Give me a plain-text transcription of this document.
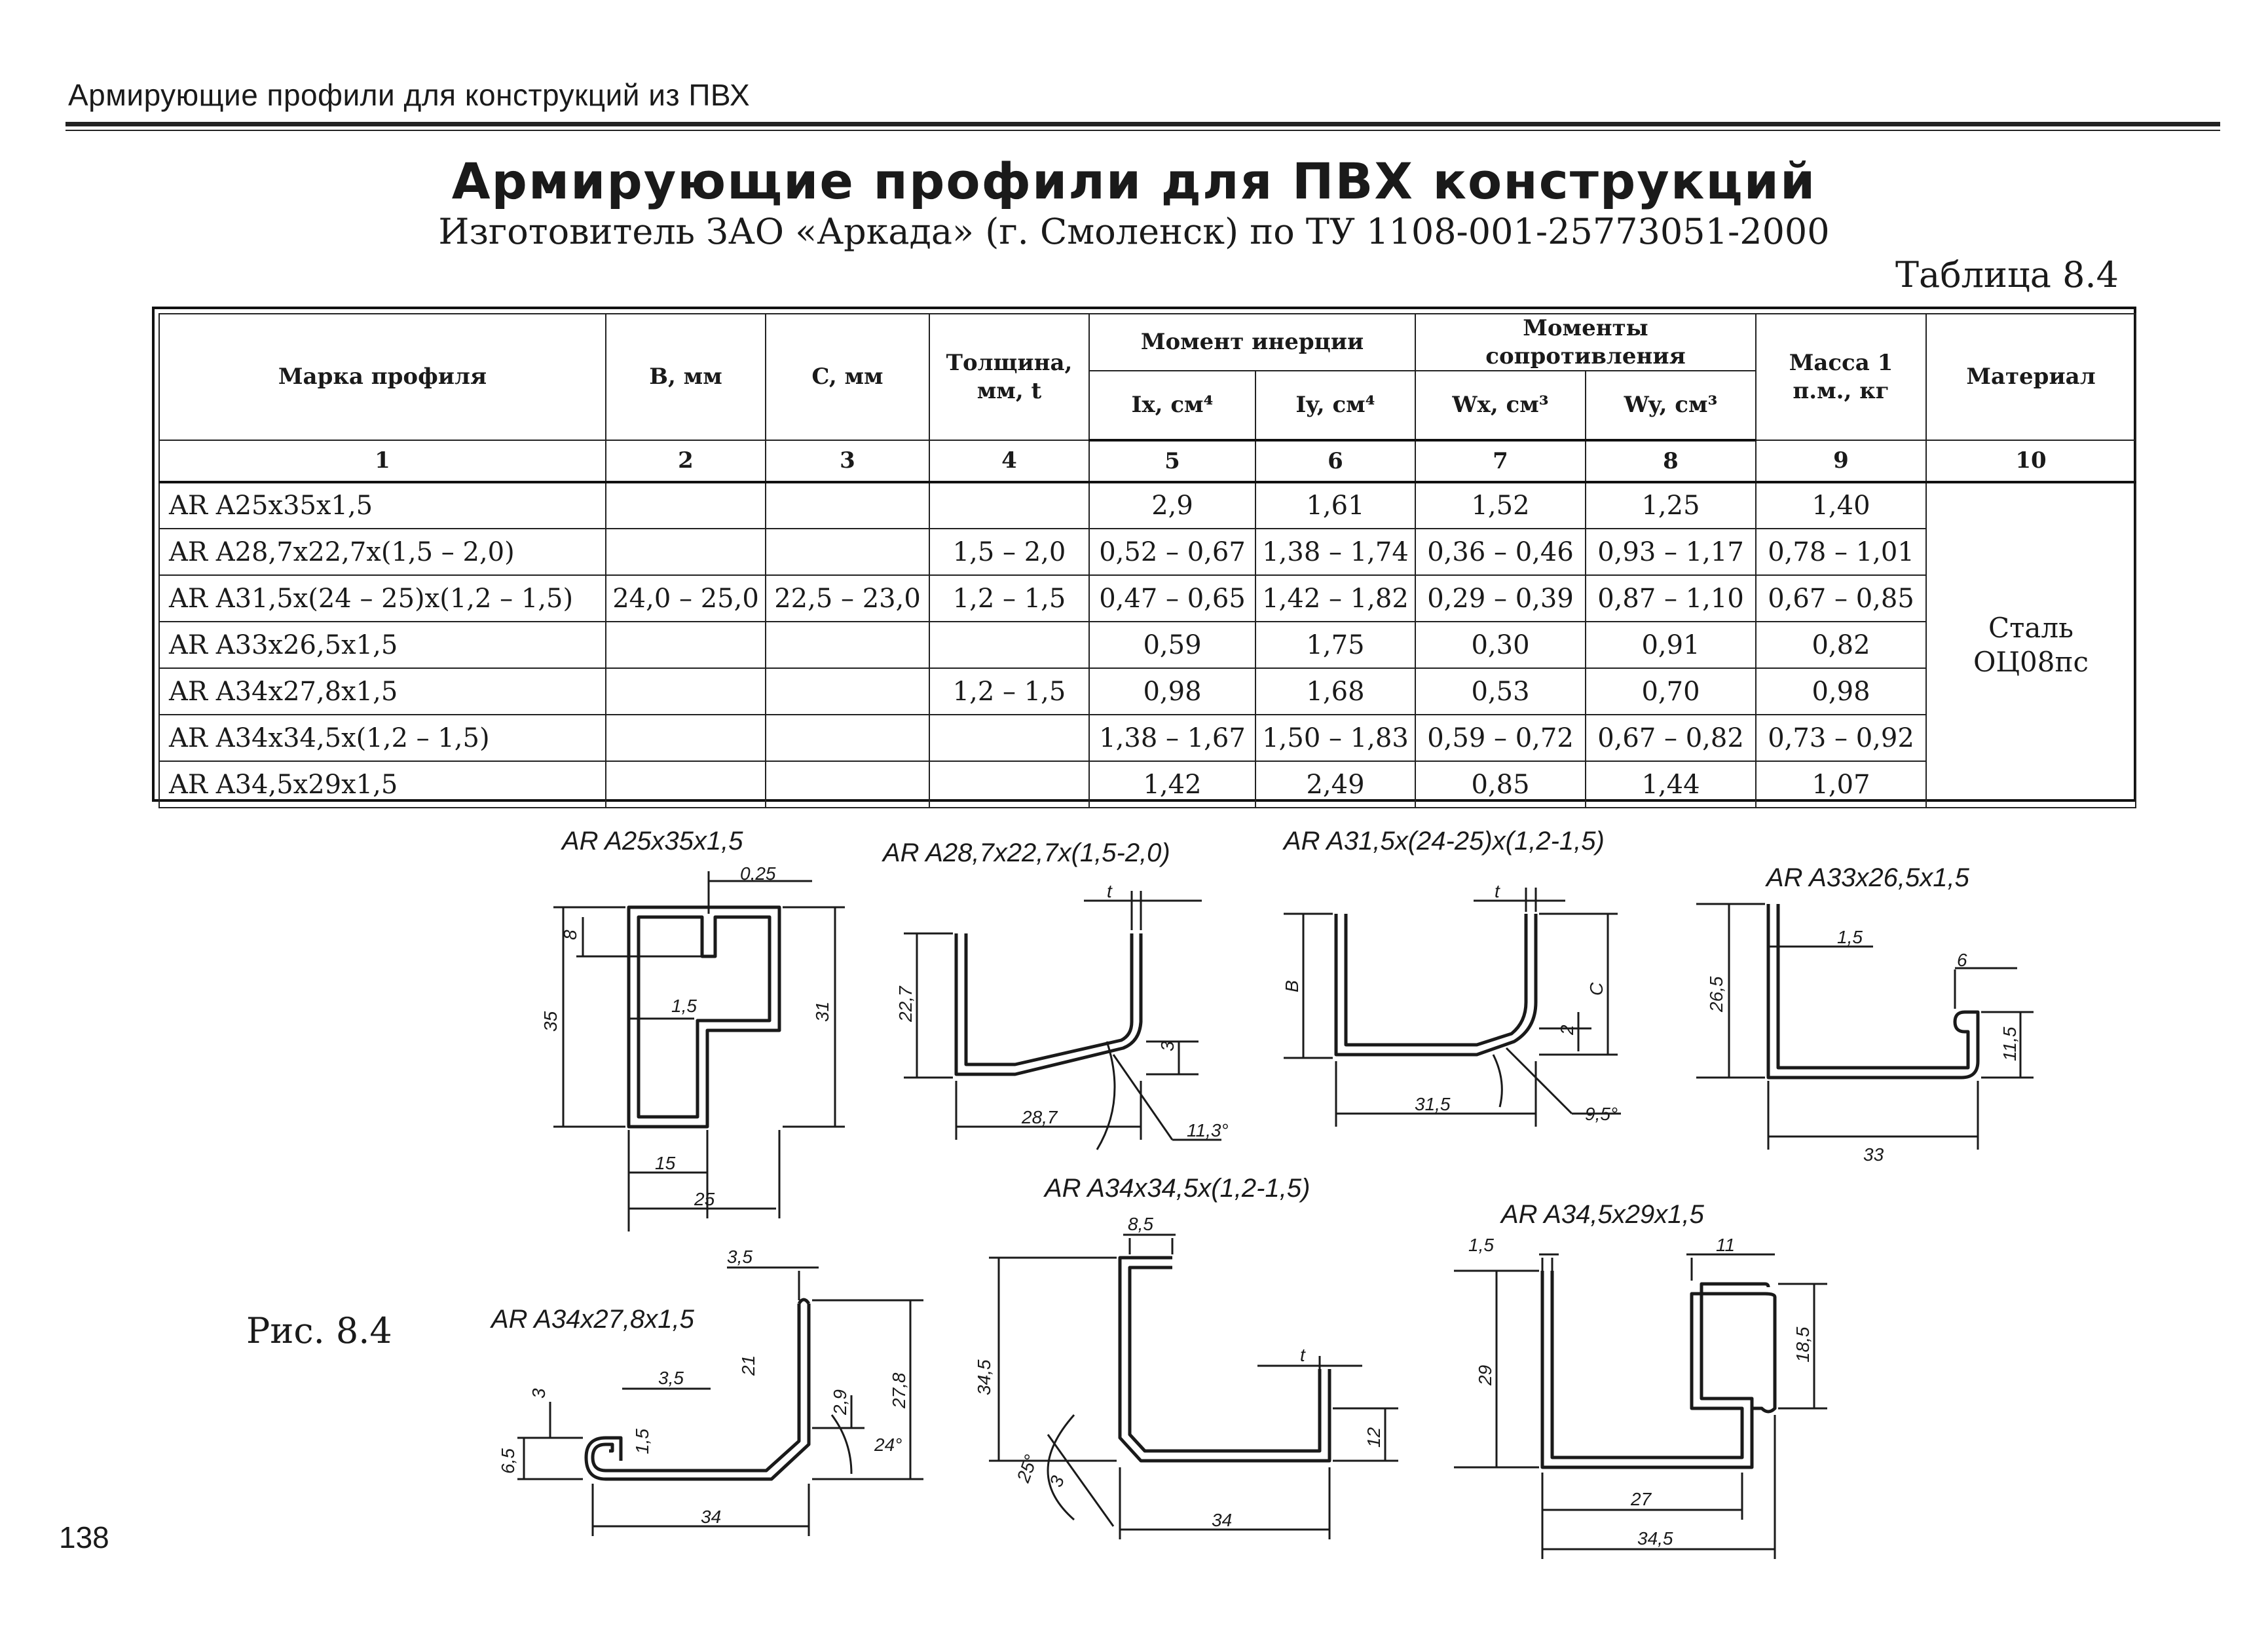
Армирующие профили для конструкций из ПВХ
Армирующие профили для ПВХ конструкций
Изготовитель ЗАО «Аркада» (г. Смоленск) по ТУ 1108-001-25773051-2000
Таблица 8.4
Марка профиля	B, мм	C, мм	Толщина, мм, t	Момент инерции		Моменты сопротивления		Масса 1 п.м., кг	Материал
				Ix, см⁴	Iy, см⁴	Wx, см³	Wy, см³		
1	2	3	4	5	6	7	8	9	10
AR A25x35x1,5				2,9	1,61	1,52	1,25	1,40	Сталь ОЦ08пс
AR A28,7x22,7x(1,5 – 2,0)			1,5 – 2,0	0,52 – 0,67	1,38 – 1,74	0,36 – 0,46	0,93 – 1,17	0,78 – 1,01	
AR A31,5x(24 – 25)x(1,2 – 1,5)	24,0 – 25,0	22,5 – 23,0	1,2 – 1,5	0,47 – 0,65	1,42 – 1,82	0,29 – 0,39	0,87 – 1,10	0,67 – 0,85	
AR A33x26,5x1,5				0,59	1,75	0,30	0,91	0,82	
AR A34x27,8x1,5			1,2 – 1,5	0,98	1,68	0,53	0,70	0,98	
AR A34x34,5x(1,2 – 1,5)				1,38 – 1,67	1,50 – 1,83	0,59 – 0,72	0,67 – 0,82	0,73 – 0,92	
AR A34,5x29x1,5				1,42	2,49	0,85	1,44	1,07	
0,25
8
1,5
35	31
15
25
t
22,7
3
28,7
11,3°
t
B	C
2
31,5	9,5°
1,5
6
26,5
11,5
33
3,5
3
3,5
21
2,9 27,8
6,5
1,5	24°
34
8,5
34,5
t
25° 3
12
34
1,5	11
29
18,5
27
34,5
AR A25x35x1,5	AR A28,7x22,7x(1,5-2,0)	AR A31,5x(24-25)x(1,2-1,5)
AR A33x26,5x1,5
AR A34x27,8x1,5
AR A34x34,5x(1,2-1,5)
AR A34,5x29x1,5
Рис. 8.4
138
